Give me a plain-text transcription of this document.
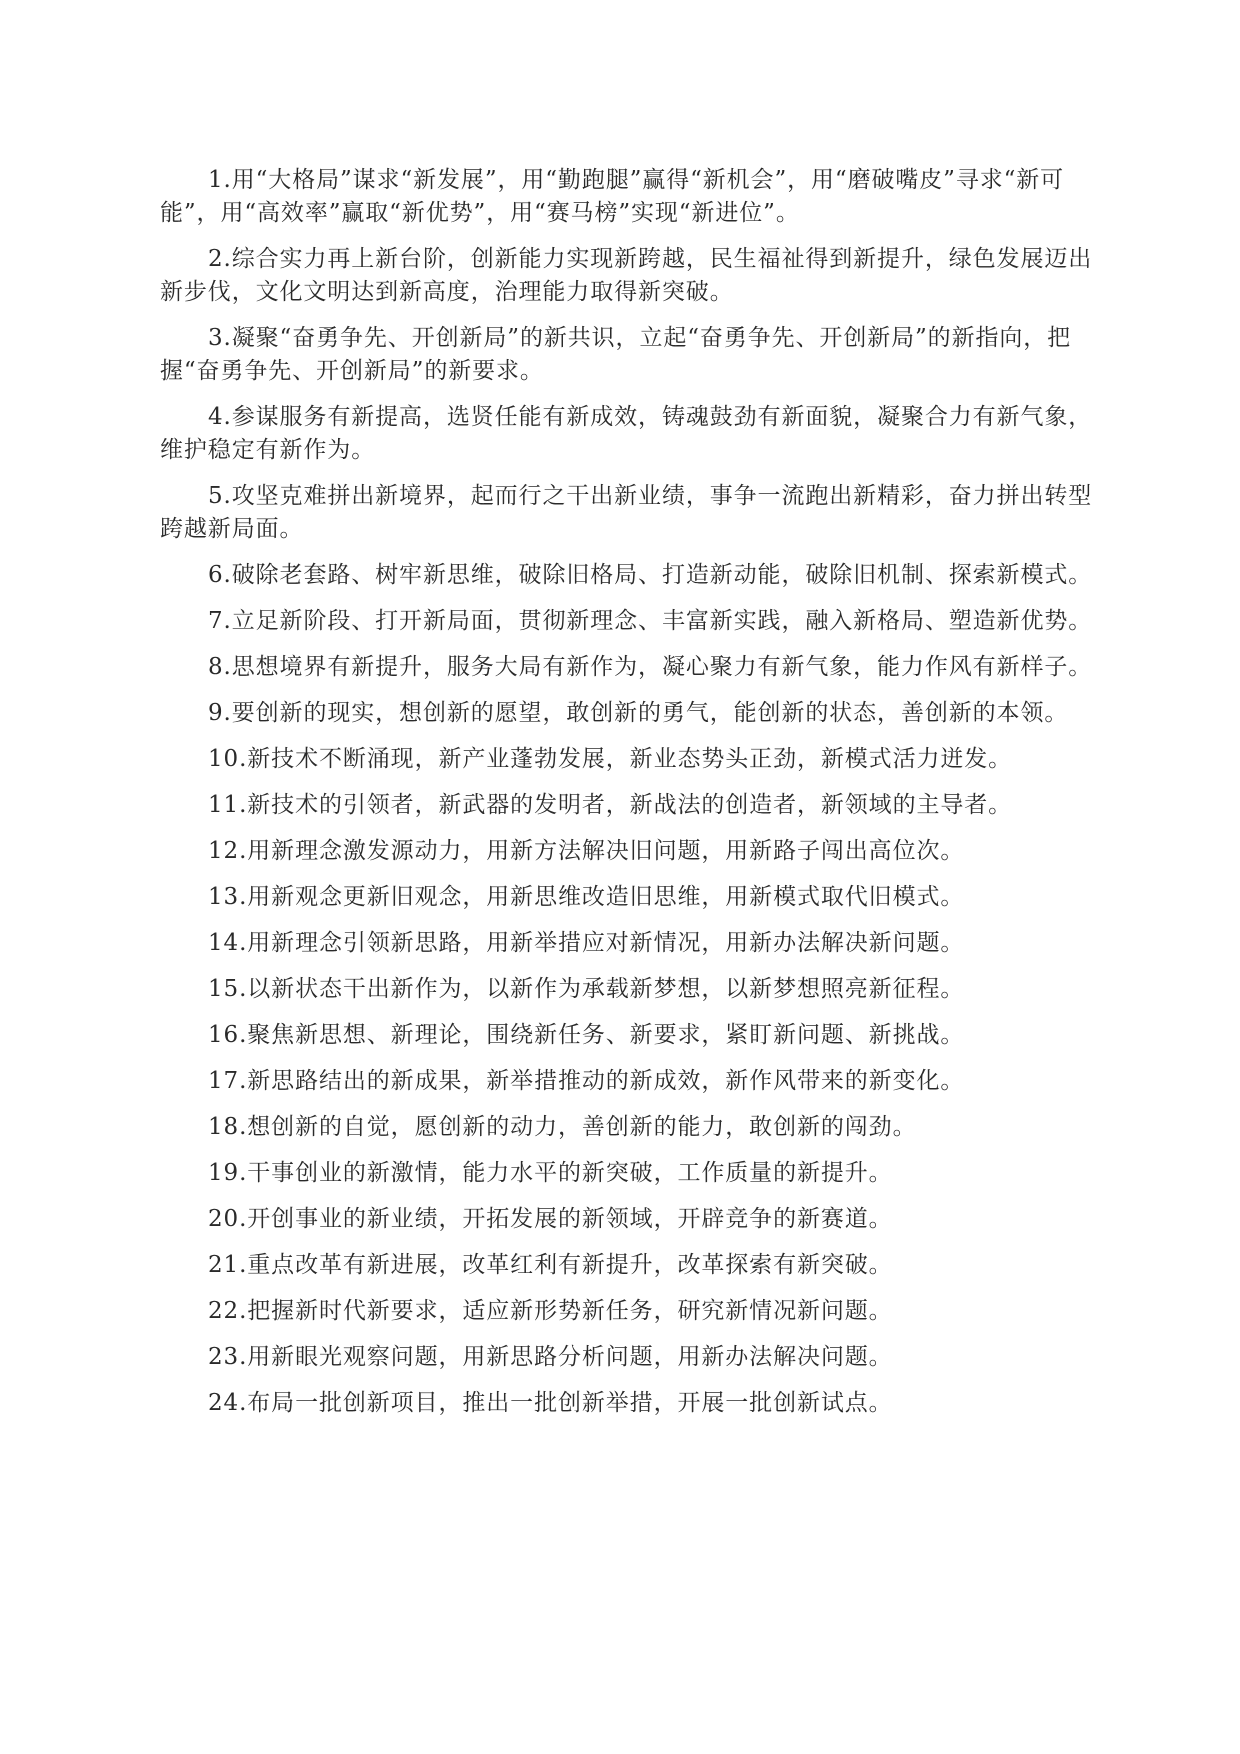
1.用“大格局”谋求“新发展”，用“勤跑腿”赢得“新机会”，用“磨破嘴皮”寻求“新可能”，用“高效率”赢取“新优势”，用“赛马榜”实现“新进位”。

2.综合实力再上新台阶，创新能力实现新跨越，民生福祉得到新提升，绿色发展迈出新步伐，文化文明达到新高度，治理能力取得新突破。

3.凝聚“奋勇争先、开创新局”的新共识，立起“奋勇争先、开创新局”的新指向，把握“奋勇争先、开创新局”的新要求。

4.参谋服务有新提高，选贤任能有新成效，铸魂鼓劲有新面貌，凝聚合力有新气象，维护稳定有新作为。

5.攻坚克难拼出新境界，起而行之干出新业绩，事争一流跑出新精彩，奋力拼出转型跨越新局面。

6.破除老套路、树牢新思维，破除旧格局、打造新动能，破除旧机制、探索新模式。

7.立足新阶段、打开新局面，贯彻新理念、丰富新实践，融入新格局、塑造新优势。

8.思想境界有新提升，服务大局有新作为，凝心聚力有新气象，能力作风有新样子。

9.要创新的现实，想创新的愿望，敢创新的勇气，能创新的状态，善创新的本领。

10.新技术不断涌现，新产业蓬勃发展，新业态势头正劲，新模式活力迸发。

11.新技术的引领者，新武器的发明者，新战法的创造者，新领域的主导者。

12.用新理念激发源动力，用新方法解决旧问题，用新路子闯出高位次。

13.用新观念更新旧观念，用新思维改造旧思维，用新模式取代旧模式。

14.用新理念引领新思路，用新举措应对新情况，用新办法解决新问题。

15.以新状态干出新作为，以新作为承载新梦想，以新梦想照亮新征程。

16.聚焦新思想、新理论，围绕新任务、新要求，紧盯新问题、新挑战。

17.新思路结出的新成果，新举措推动的新成效，新作风带来的新变化。

18.想创新的自觉，愿创新的动力，善创新的能力，敢创新的闯劲。

19.干事创业的新激情，能力水平的新突破，工作质量的新提升。

20.开创事业的新业绩，开拓发展的新领域，开辟竞争的新赛道。

21.重点改革有新进展，改革红利有新提升，改革探索有新突破。

22.把握新时代新要求，适应新形势新任务，研究新情况新问题。

23.用新眼光观察问题，用新思路分析问题，用新办法解决问题。

24.布局一批创新项目，推出一批创新举措，开展一批创新试点。
